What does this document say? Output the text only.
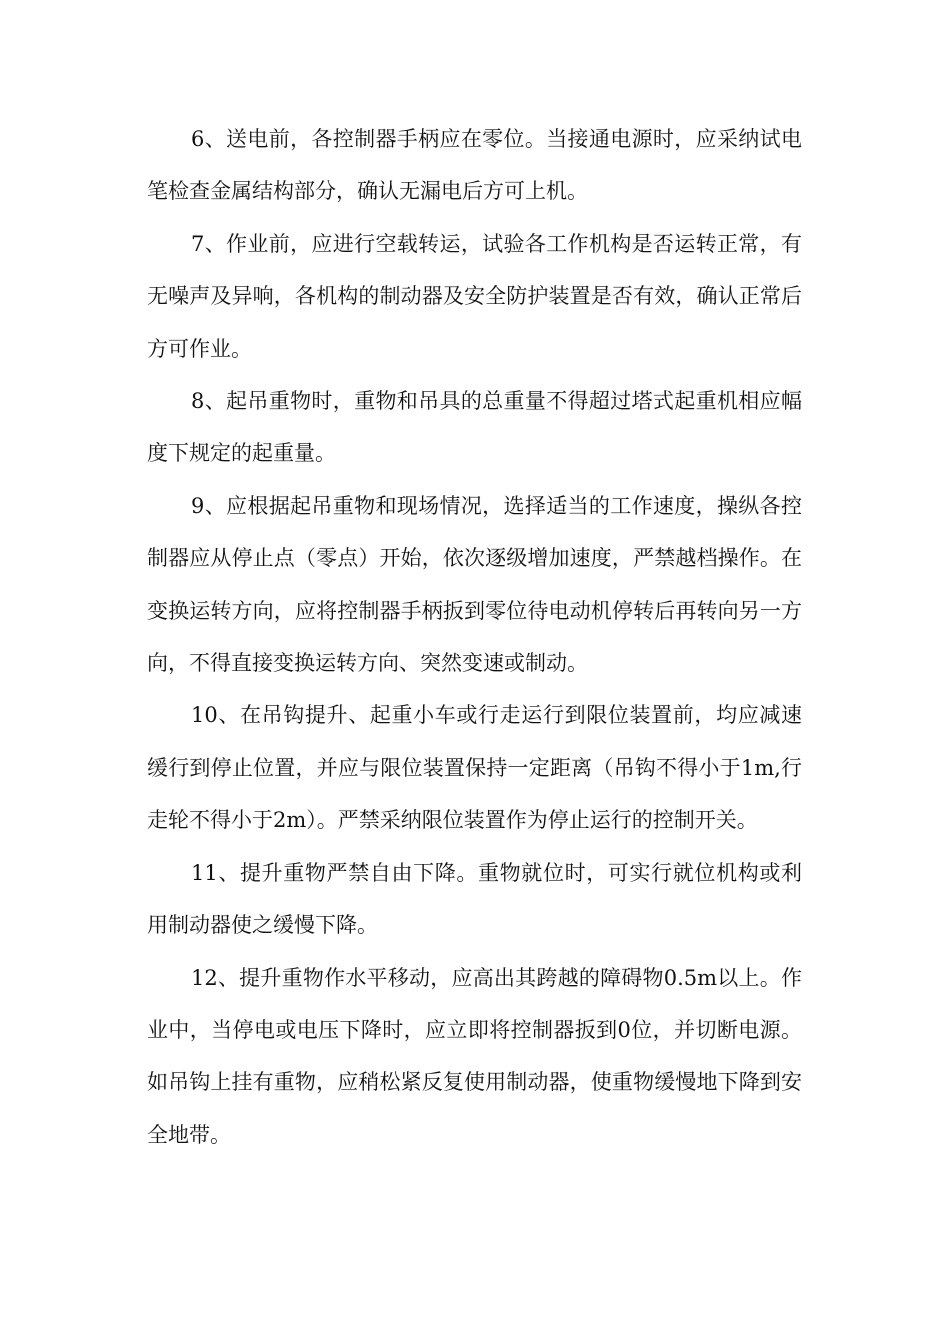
6、送电前，各控制器手柄应在零位。当接通电源时，应采纳试电笔检查金属结构部分，确认无漏电后方可上机。

7、作业前，应进行空载转运，试验各工作机构是否运转正常，有无噪声及异响，各机构的制动器及安全防护装置是否有效，确认正常后方可作业。

8、起吊重物时，重物和吊具的总重量不得超过塔式起重机相应幅度下规定的起重量。

9、应根据起吊重物和现场情况，选择适当的工作速度，操纵各控制器应从停止点（零点）开始，依次逐级增加速度，严禁越档操作。在变换运转方向，应将控制器手柄扳到零位待电动机停转后再转向另一方向，不得直接变换运转方向、突然变速或制动。

10、在吊钩提升、起重小车或行走运行到限位装置前，均应减速缓行到停止位置，并应与限位装置保持一定距离（吊钩不得小于1m,行走轮不得小于2m）。严禁采纳限位装置作为停止运行的控制开关。

11、提升重物严禁自由下降。重物就位时，可实行就位机构或利用制动器使之缓慢下降。

12、提升重物作水平移动，应高出其跨越的障碍物0.5m以上。作业中，当停电或电压下降时，应立即将控制器扳到0位，并切断电源。如吊钩上挂有重物，应稍松紧反复使用制动器，使重物缓慢地下降到安全地带。
